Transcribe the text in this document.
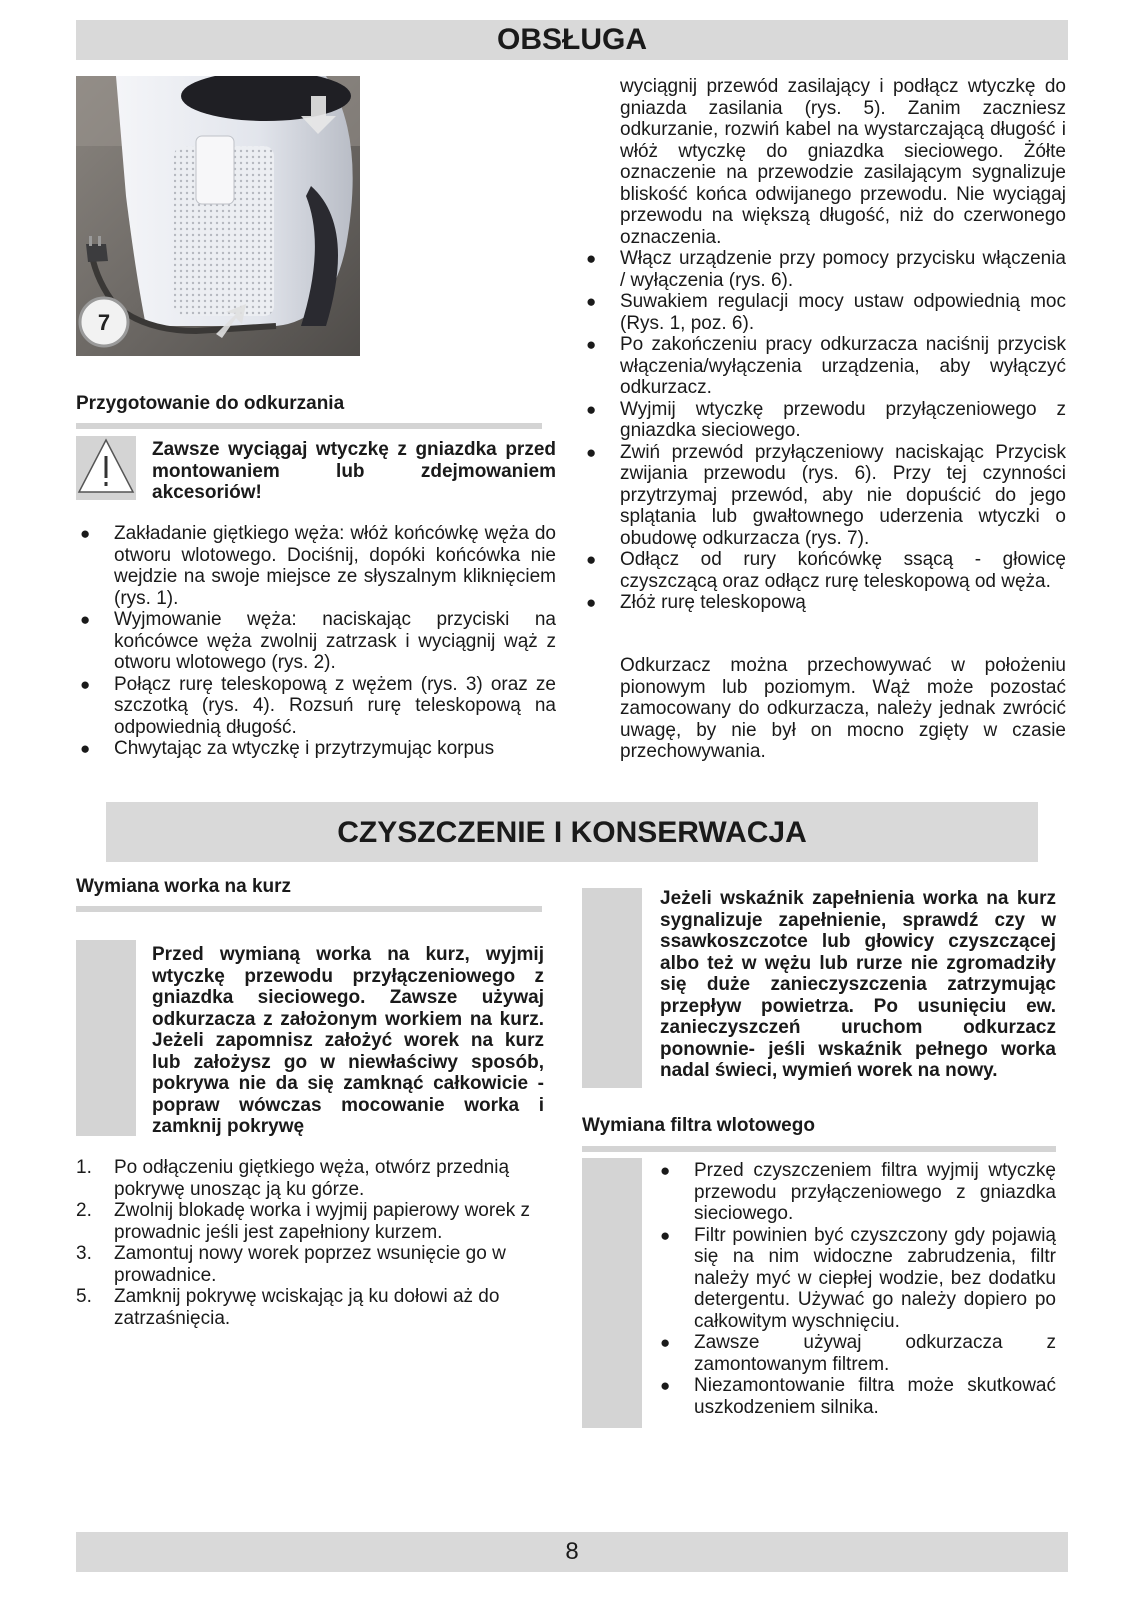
OBSŁUGA
7
Przygotowanie do odkurzania
Zawsze wyciągaj wtyczkę z gniazdka przed montowaniem lub zdejmowaniem akcesoriów!
● Zakładanie giętkiego węża: włóż końcówkę węża do otworu wlotowego. Dociśnij, dopóki końcówka nie wejdzie na swoje miejsce ze słyszalnym kliknięciem (rys. 1).
● Wyjmowanie węża: naciskając przyciski na końcówce węża zwolnij zatrzask i wyciągnij wąż z otworu wlotowego (rys. 2).
● Połącz rurę teleskopową z wężem (rys. 3) oraz ze szczotką (rys. 4). Rozsuń rurę teleskopową na odpowiednią długość.
● Chwytając za wtyczkę i przytrzymując korpus
wyciągnij przewód zasilający i podłącz wtyczkę do gniazda zasilania (rys. 5). Zanim zaczniesz odkurzanie, rozwiń kabel na wystarczającą długość i włóż wtyczkę do gniazdka sieciowego. Żółte oznaczenie na przewodzie zasilającym sygnalizuje bliskość końca odwijanego przewodu. Nie wyciągaj przewodu na większą długość, niż do czerwonego oznaczenia.
● Włącz urządzenie przy pomocy przycisku włączenia / wyłączenia (rys. 6).
● Suwakiem regulacji mocy ustaw odpowiednią moc (Rys. 1, poz. 6).
● Po zakończeniu pracy odkurzacza naciśnij przycisk włączenia/wyłączenia urządzenia, aby wyłączyć odkurzacz.
● Wyjmij wtyczkę przewodu przyłączeniowego z gniazdka sieciowego.
● Zwiń przewód przyłączeniowy naciskając Przycisk zwijania przewodu (rys. 6). Przy tej czynności przytrzymaj przewód, aby nie dopuścić do jego splątania lub gwałtownego uderzenia wtyczki o obudowę odkurzacza (rys. 7).
● Odłącz od rury końcówkę ssącą - głowicę czyszczącą oraz odłącz rurę teleskopową od węża.
● Złóż rurę teleskopową
Odkurzacz można przechowywać w położeniu pionowym lub poziomym. Wąż może pozostać zamocowany do odkurzacza, należy jednak zwrócić uwagę, by nie był on mocno zgięty w czasie przechowywania.
CZYSZCZENIE I KONSERWACJA
Wymiana worka na kurz
Przed wymianą worka na kurz, wyjmij wtyczkę przewodu przyłączeniowego z gniazdka sieciowego. Zawsze używaj odkurzacza z założonym workiem na kurz. Jeżeli zapomnisz założyć worek na kurz lub założysz go w niewłaściwy sposób, pokrywa nie da się zamknąć całkowicie - popraw wówczas mocowanie worka i zamknij pokrywę
1. Po odłączeniu giętkiego węża, otwórz przednią pokrywę unosząc ją ku górze.
2. Zwolnij blokadę worka i wyjmij papierowy worek z prowadnic jeśli jest zapełniony kurzem.
3. Zamontuj nowy worek poprzez wsunięcie go w prowadnice.
5. Zamknij pokrywę wciskając ją ku dołowi aż do zatrzaśnięcia.
Jeżeli wskaźnik zapełnienia worka na kurz sygnalizuje zapełnienie, sprawdź czy w ssawkoszczotce lub głowicy czyszczącej albo też w wężu lub rurze nie zgromadziły się duże zanieczyszczenia zatrzymując przepływ powietrza. Po usunięciu ew. zanieczyszczeń uruchom odkurzacz ponownie- jeśli wskaźnik pełnego worka nadal świeci, wymień worek na nowy.
Wymiana filtra wlotowego
● Przed czyszczeniem filtra wyjmij wtyczkę przewodu przyłączeniowego z gniazdka sieciowego.
● Filtr powinien być czyszczony gdy pojawią się na nim widoczne zabrudzenia, filtr należy myć w ciepłej wodzie, bez dodatku detergentu. Używać go należy dopiero po całkowitym wyschnięciu.
● Zawsze używaj odkurzacza z zamontowanym filtrem.
● Niezamontowanie filtra może skutkować uszkodzeniem silnika.
8
